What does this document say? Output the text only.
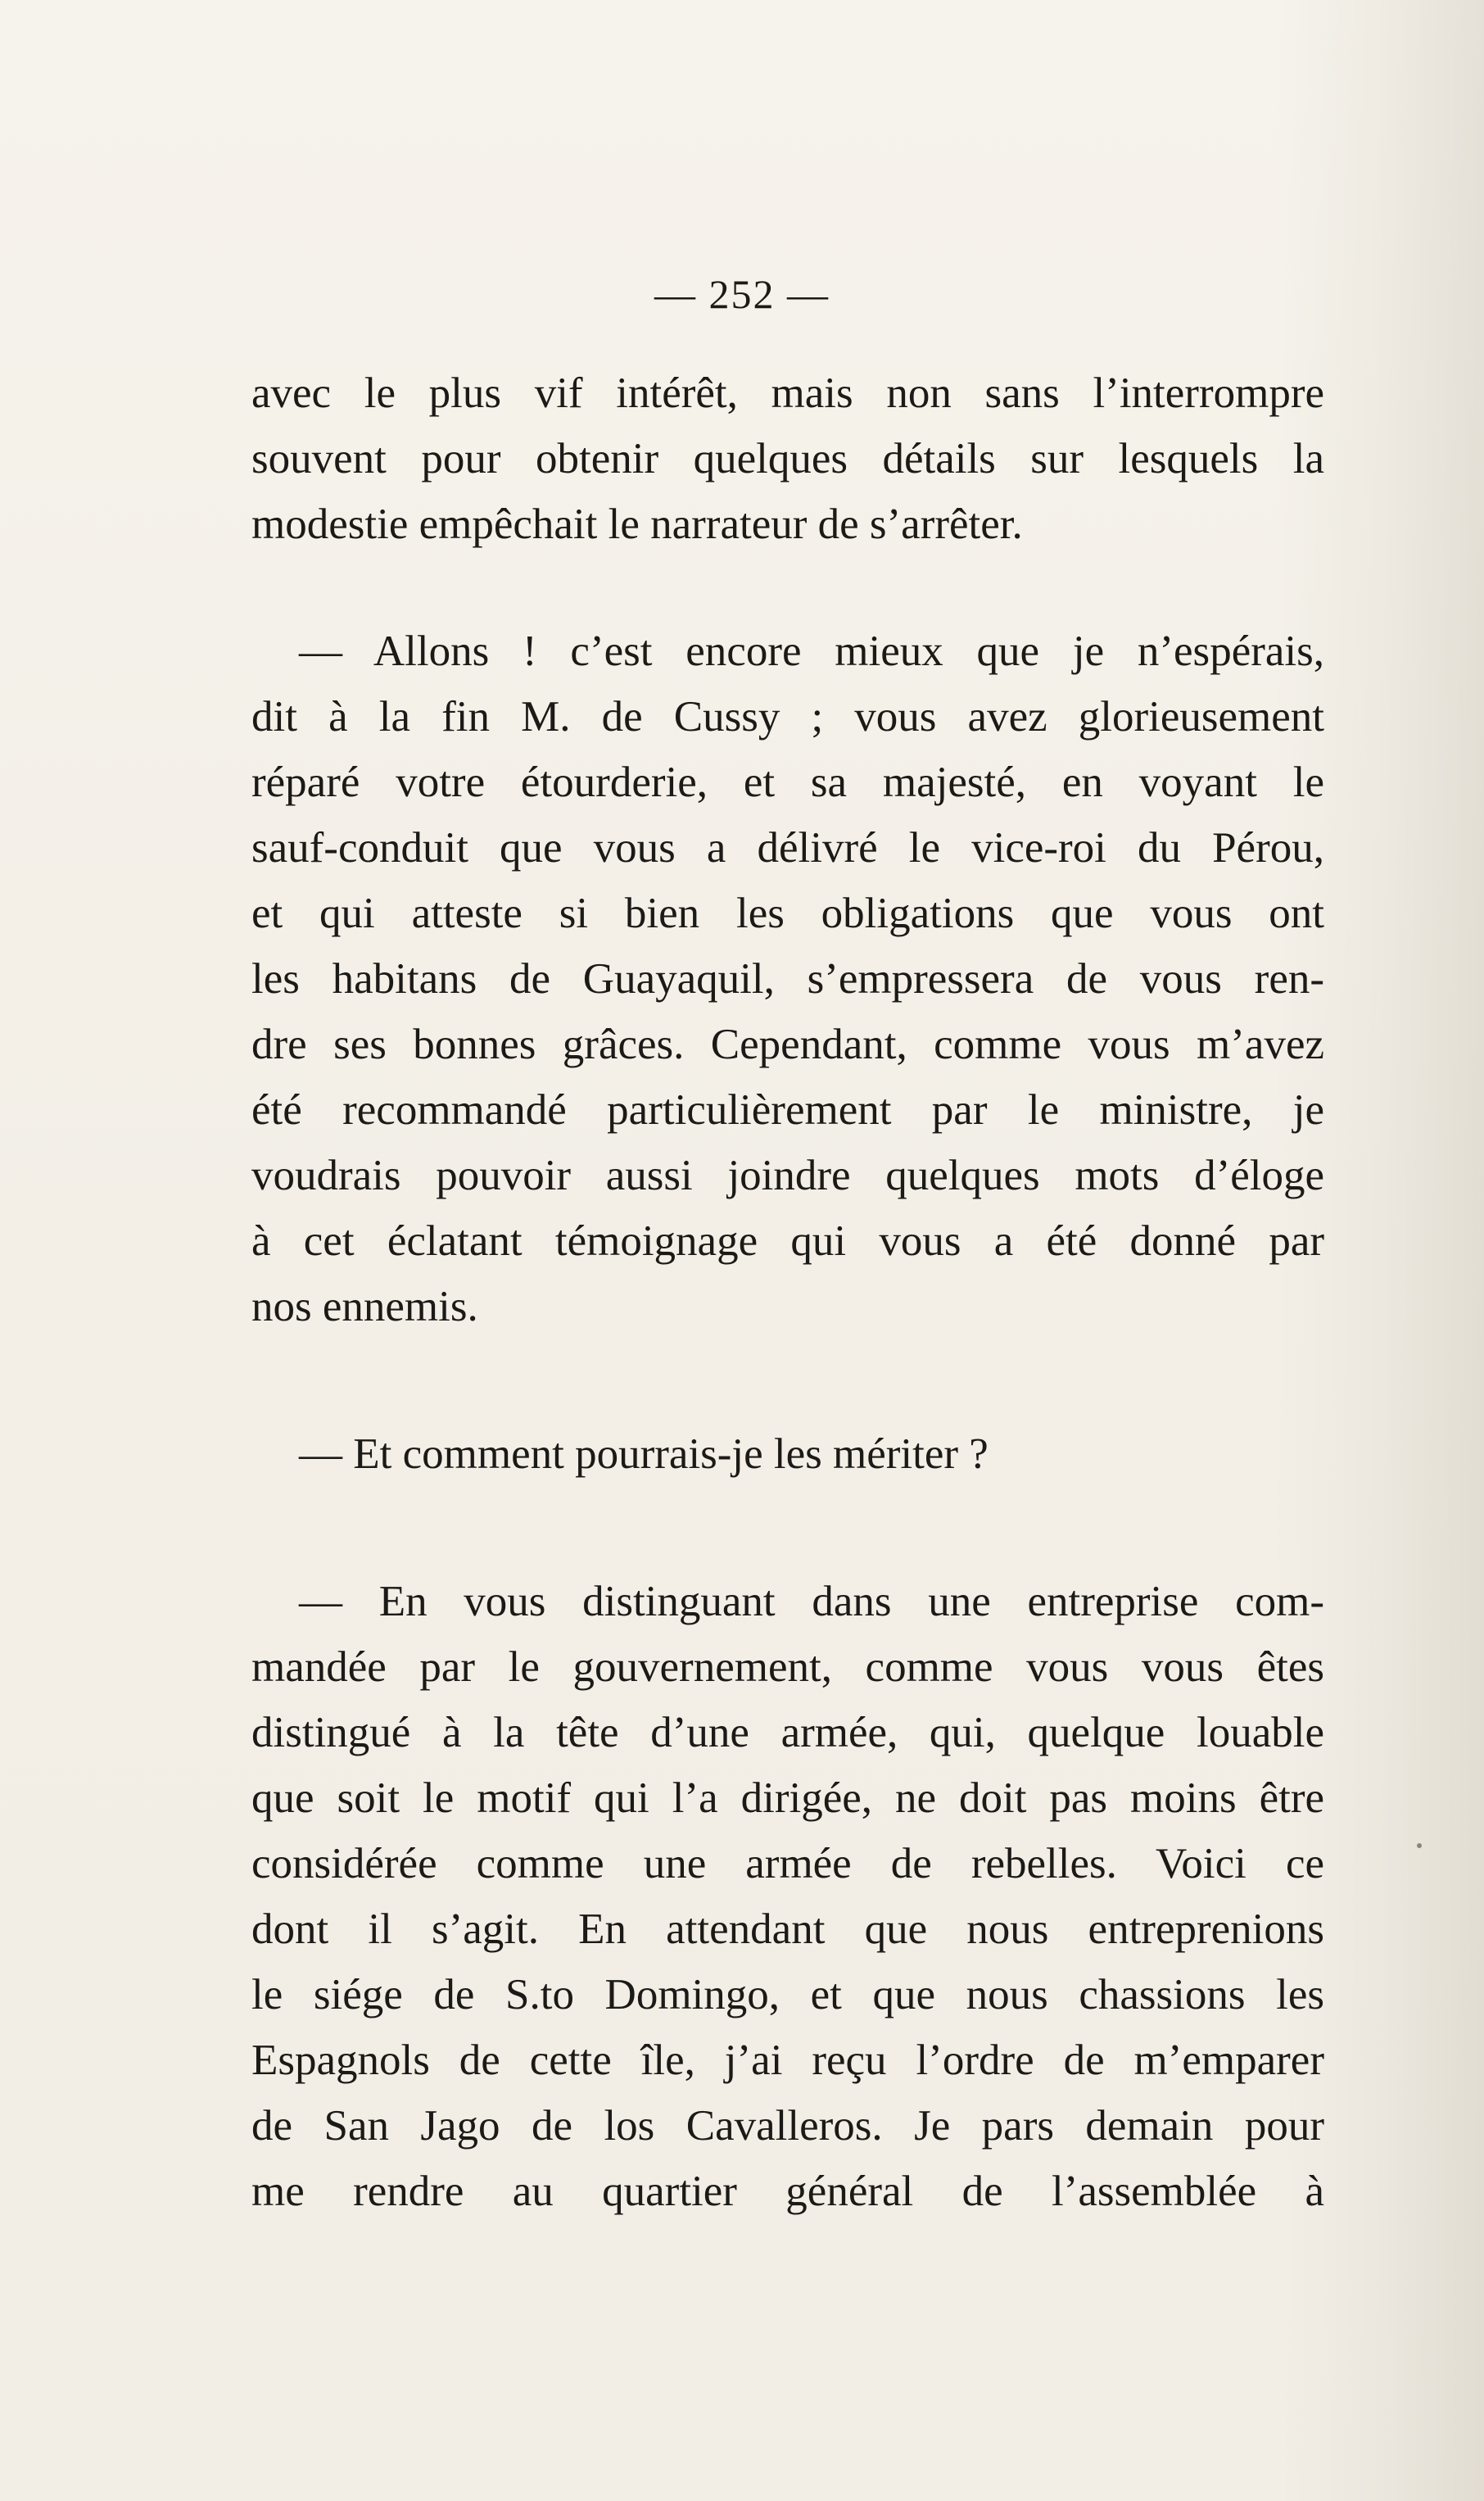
— 252 —
avec le plus vif intérêt, mais non sans l’interrompre
souvent pour obtenir quelques détails sur lesquels la
modestie empêchait le narrateur de s’arrêter.
— Allons ! c’est encore mieux que je n’espérais,
dit à la fin M. de Cussy ; vous avez glorieusement
réparé votre étourderie, et sa majesté, en voyant le
sauf-conduit que vous a délivré le vice-roi du Pérou,
et qui atteste si bien les obligations que vous ont
les habitans de Guayaquil, s’empressera de vous ren-
dre ses bonnes grâces. Cependant, comme vous m’avez
été recommandé particulièrement par le ministre, je
voudrais pouvoir aussi joindre quelques mots d’éloge
à cet éclatant témoignage qui vous a été donné par
nos ennemis.
— Et comment pourrais-je les mériter ?
— En vous distinguant dans une entreprise com-
mandée par le gouvernement, comme vous vous êtes
distingué à la tête d’une armée, qui, quelque louable
que soit le motif qui l’a dirigée, ne doit pas moins être
considérée comme une armée de rebelles. Voici ce
dont il s’agit. En attendant que nous entreprenions
le siége de S.to Domingo, et que nous chassions les
Espagnols de cette île, j’ai reçu l’ordre de m’emparer
de San Jago de los Cavalleros. Je pars demain pour
me rendre au quartier général de l’assemblée à
